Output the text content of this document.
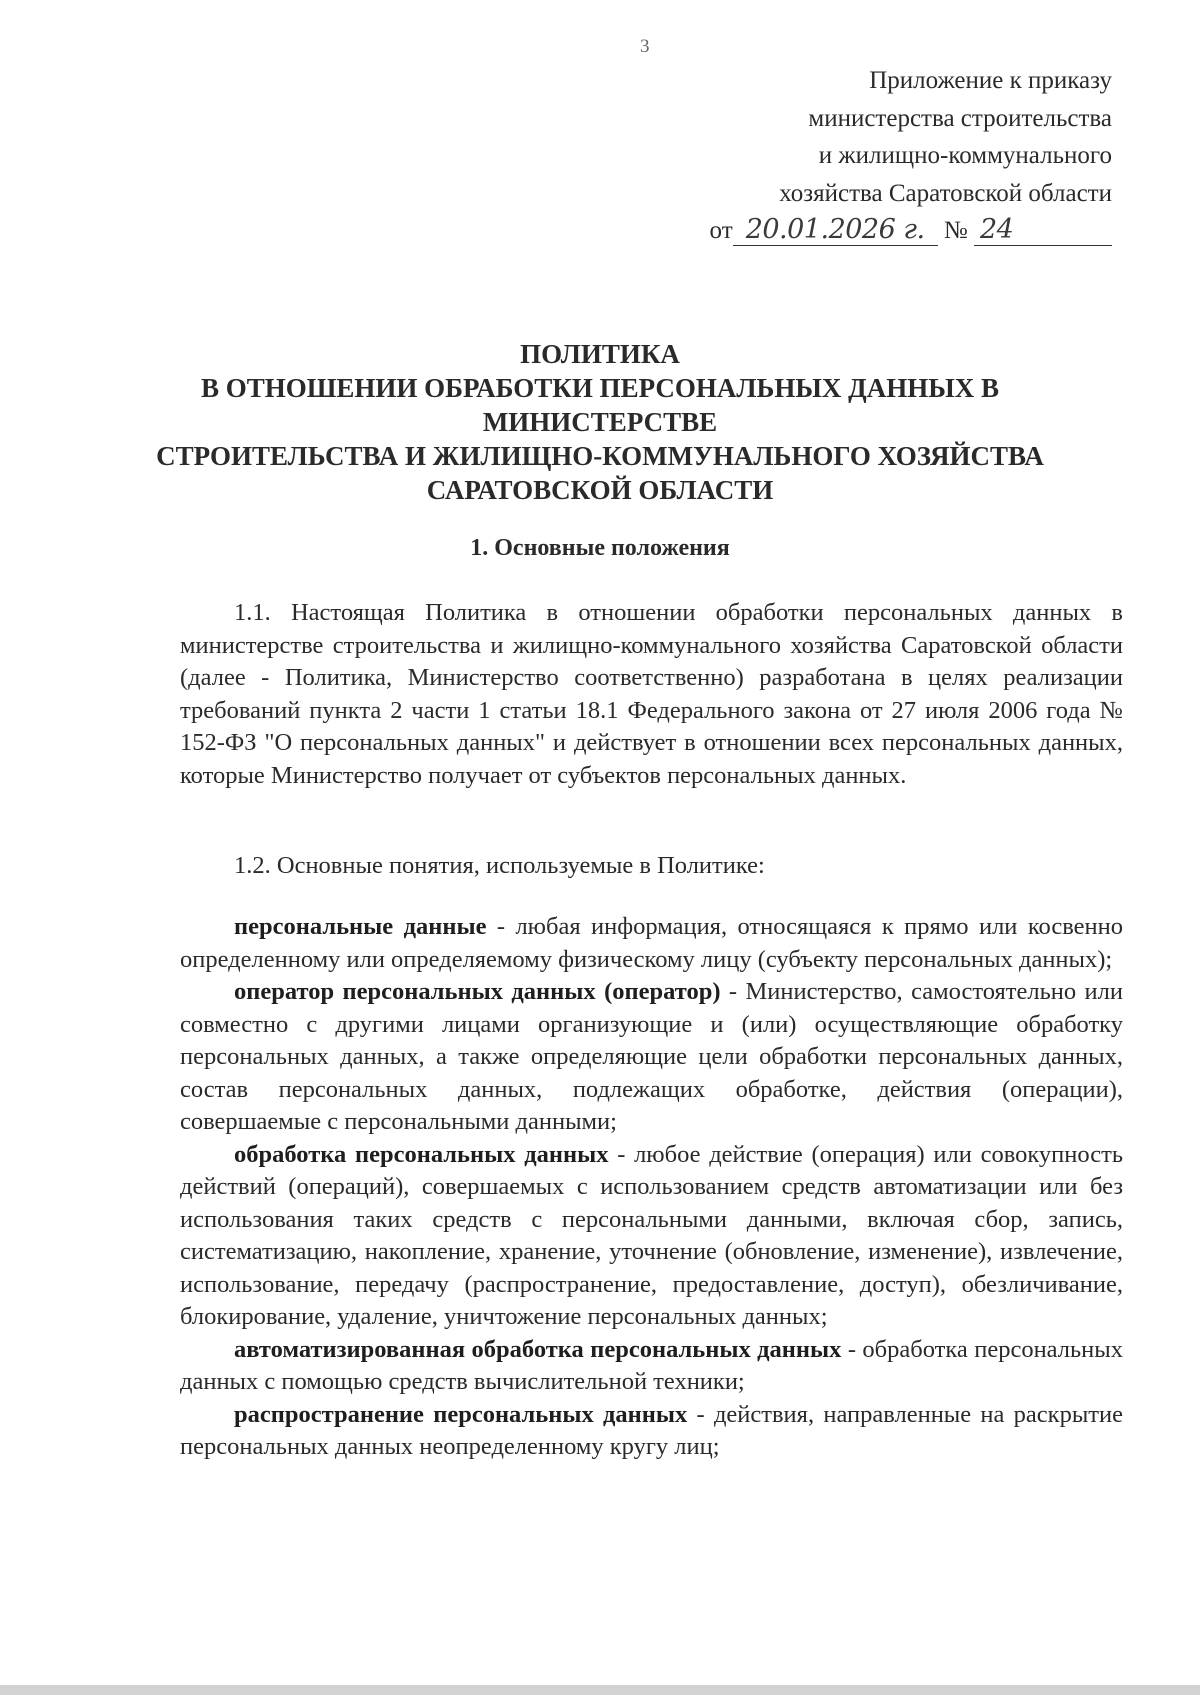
3
Приложение к приказу
министерства строительства
и жилищно-коммунального
хозяйства Саратовской области
от 20.01.2026 г. № 24
ПОЛИТИКА
В ОТНОШЕНИИ ОБРАБОТКИ ПЕРСОНАЛЬНЫХ ДАННЫХ В
МИНИСТЕРСТВЕ
СТРОИТЕЛЬСТВА И ЖИЛИЩНО-КОММУНАЛЬНОГО ХОЗЯЙСТВА
САРАТОВСКОЙ ОБЛАСТИ
1. Основные положения

1.1. Настоящая Политика в отношении обработки персональных данных в министерстве строительства и жилищно-коммунального хозяйства Саратовской области (далее - Политика, Министерство соответственно) разработана в целях реализации требований пункта 2 части 1 статьи 18.1 Федерального закона от 27 июля 2006 года № 152-ФЗ "О персональных данных" и действует в отношении всех персональных данных, которые Министерство получает от субъектов персональных данных.

1.2. Основные понятия, используемые в Политике:

персональные данные - любая информация, относящаяся к прямо или косвенно определенному или определяемому физическому лицу (субъекту персональных данных);

оператор персональных данных (оператор) - Министерство, самостоятельно или совместно с другими лицами организующие и (или) осуществляющие обработку персональных данных, а также определяющие цели обработки персональных данных, состав персональных данных, подлежащих обработке, действия (операции), совершаемые с персональными данными;

обработка персональных данных - любое действие (операция) или совокупность действий (операций), совершаемых с использованием средств автоматизации или без использования таких средств с персональными данными, включая сбор, запись, систематизацию, накопление, хранение, уточнение (обновление, изменение), извлечение, использование, передачу (распространение, предоставление, доступ), обезличивание, блокирование, удаление, уничтожение персональных данных;

автоматизированная обработка персональных данных - обработка персональных данных с помощью средств вычислительной техники;

распространение персональных данных - действия, направленные на раскрытие персональных данных неопределенному кругу лиц;
